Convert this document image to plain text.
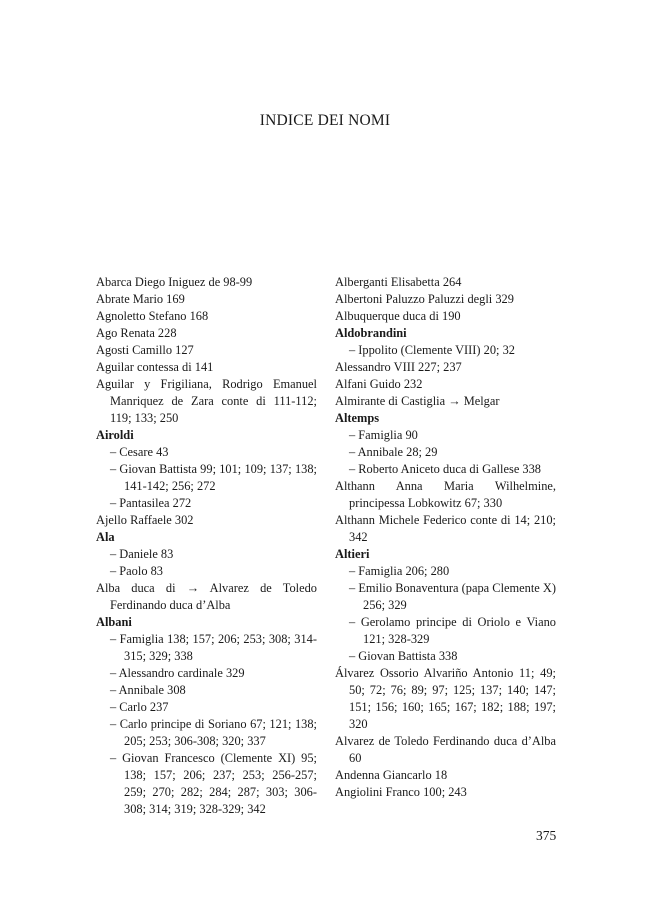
INDICE DEI NOMI
Abarca Diego Iniguez de 98-99
Abrate Mario 169
Agnoletto Stefano 168
Ago Renata 228
Agosti Camillo 127
Aguilar contessa di 141
Aguilar y Frigiliana, Rodrigo Emanuel Manriquez de Zara conte di 111-112; 119; 133; 250
Airoldi
– Cesare 43
– Giovan Battista 99; 101; 109; 137; 138; 141-142; 256; 272
– Pantasilea 272
Ajello Raffaele 302
Ala
– Daniele 83
– Paolo 83
Alba duca di → Alvarez de Toledo Ferdinando duca d’Alba
Albani
– Famiglia 138; 157; 206; 253; 308; 314-315; 329; 338
– Alessandro cardinale 329
– Annibale 308
– Carlo 237
– Carlo principe di Soriano 67; 121; 138; 205; 253; 306-308; 320; 337
– Giovan Francesco (Clemente XI) 95; 138; 157; 206; 237; 253; 256-257; 259; 270; 282; 284; 287; 303; 306-308; 314; 319; 328-329; 342
Alberganti Elisabetta 264
Albertoni Paluzzo Paluzzi degli 329
Albuquerque duca di 190
Aldobrandini
– Ippolito (Clemente VIII) 20; 32
Alessandro VIII 227; 237
Alfani Guido 232
Almirante di Castiglia → Melgar
Altemps
– Famiglia 90
– Annibale 28; 29
– Roberto Aniceto duca di Gallese 338
Althann Anna Maria Wilhelmine, principessa Lobkowitz 67; 330
Althann Michele Federico conte di 14; 210; 342
Altieri
– Famiglia 206; 280
– Emilio Bonaventura (papa Clemente X) 256; 329
– Gerolamo principe di Oriolo e Viano 121; 328-329
– Giovan Battista 338
Álvarez Ossorio Alvariño Antonio 11; 49; 50; 72; 76; 89; 97; 125; 137; 140; 147; 151; 156; 160; 165; 167; 182; 188; 197; 320
Alvarez de Toledo Ferdinando duca d’Alba 60
Andenna Giancarlo 18
Angiolini Franco 100; 243
375
